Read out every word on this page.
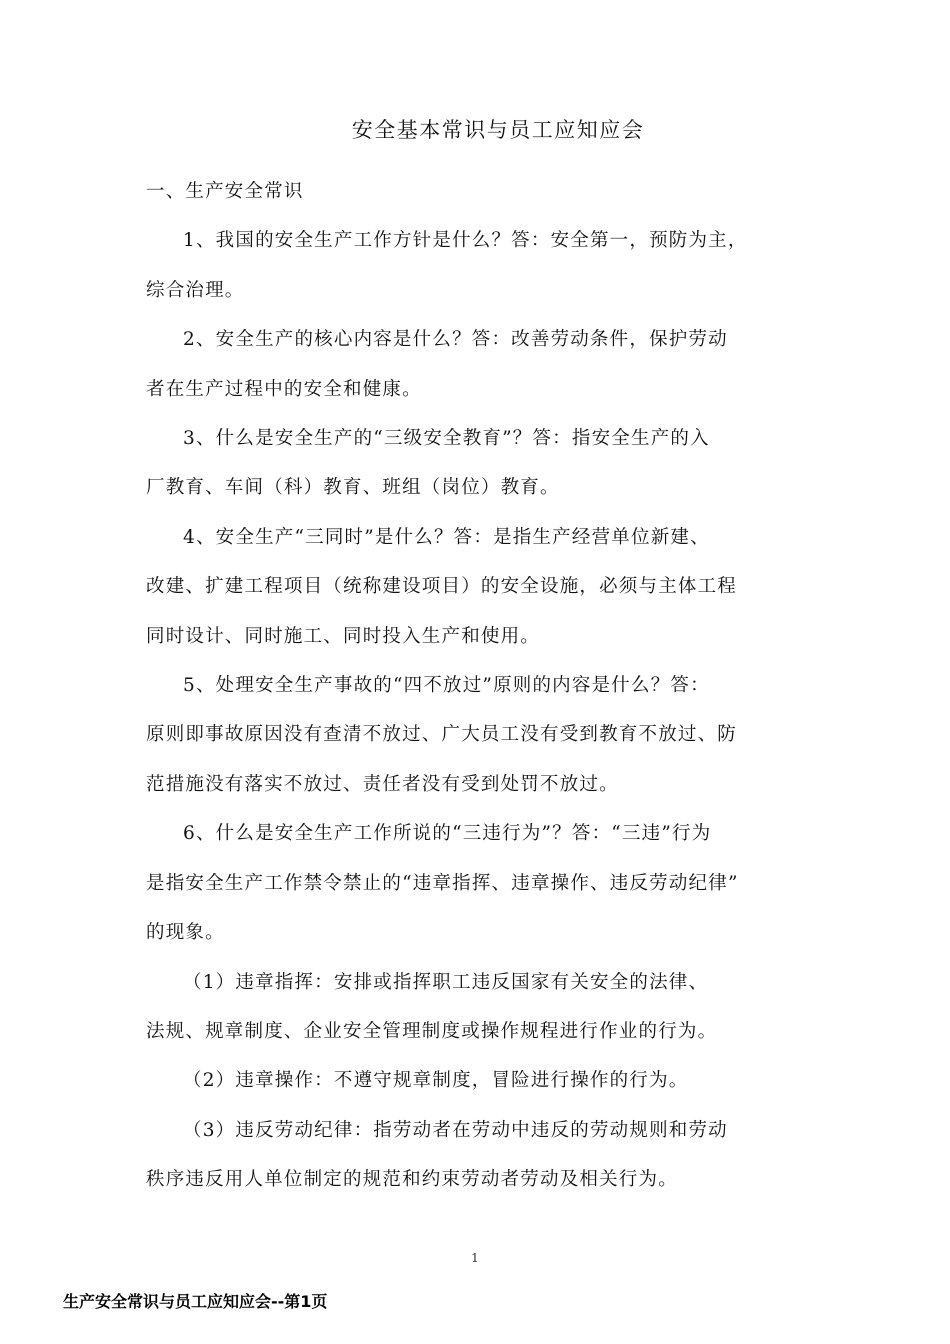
安全基本常识与员工应知应会

一、生产安全常识

1、我国的安全生产工作方针是什么？答：安全第一，预防为主，
综合治理。

2、安全生产的核心内容是什么？答：改善劳动条件，保护劳动
者在生产过程中的安全和健康。

3、什么是安全生产的“三级安全教育”？答：指安全生产的入
厂教育、车间（科）教育、班组（岗位）教育。

4、安全生产“三同时”是什么？答：是指生产经营单位新建、
改建、扩建工程项目（统称建设项目）的安全设施，必须与主体工程
同时设计、同时施工、同时投入生产和使用。

5、处理安全生产事故的“四不放过”原则的内容是什么？答：
原则即事故原因没有查清不放过、广大员工没有受到教育不放过、防
范措施没有落实不放过、责任者没有受到处罚不放过。

6、什么是安全生产工作所说的“三违行为”？答：“三违”行为
是指安全生产工作禁令禁止的“违章指挥、违章操作、违反劳动纪律”
的现象。

（1）违章指挥：安排或指挥职工违反国家有关安全的法律、
法规、规章制度、企业安全管理制度或操作规程进行作业的行为。

（2）违章操作：不遵守规章制度，冒险进行操作的行为。

（3）违反劳动纪律：指劳动者在劳动中违反的劳动规则和劳动
秩序违反用人单位制定的规范和约束劳动者劳动及相关行为。

1
生产安全常识与员工应知应会--第1页
